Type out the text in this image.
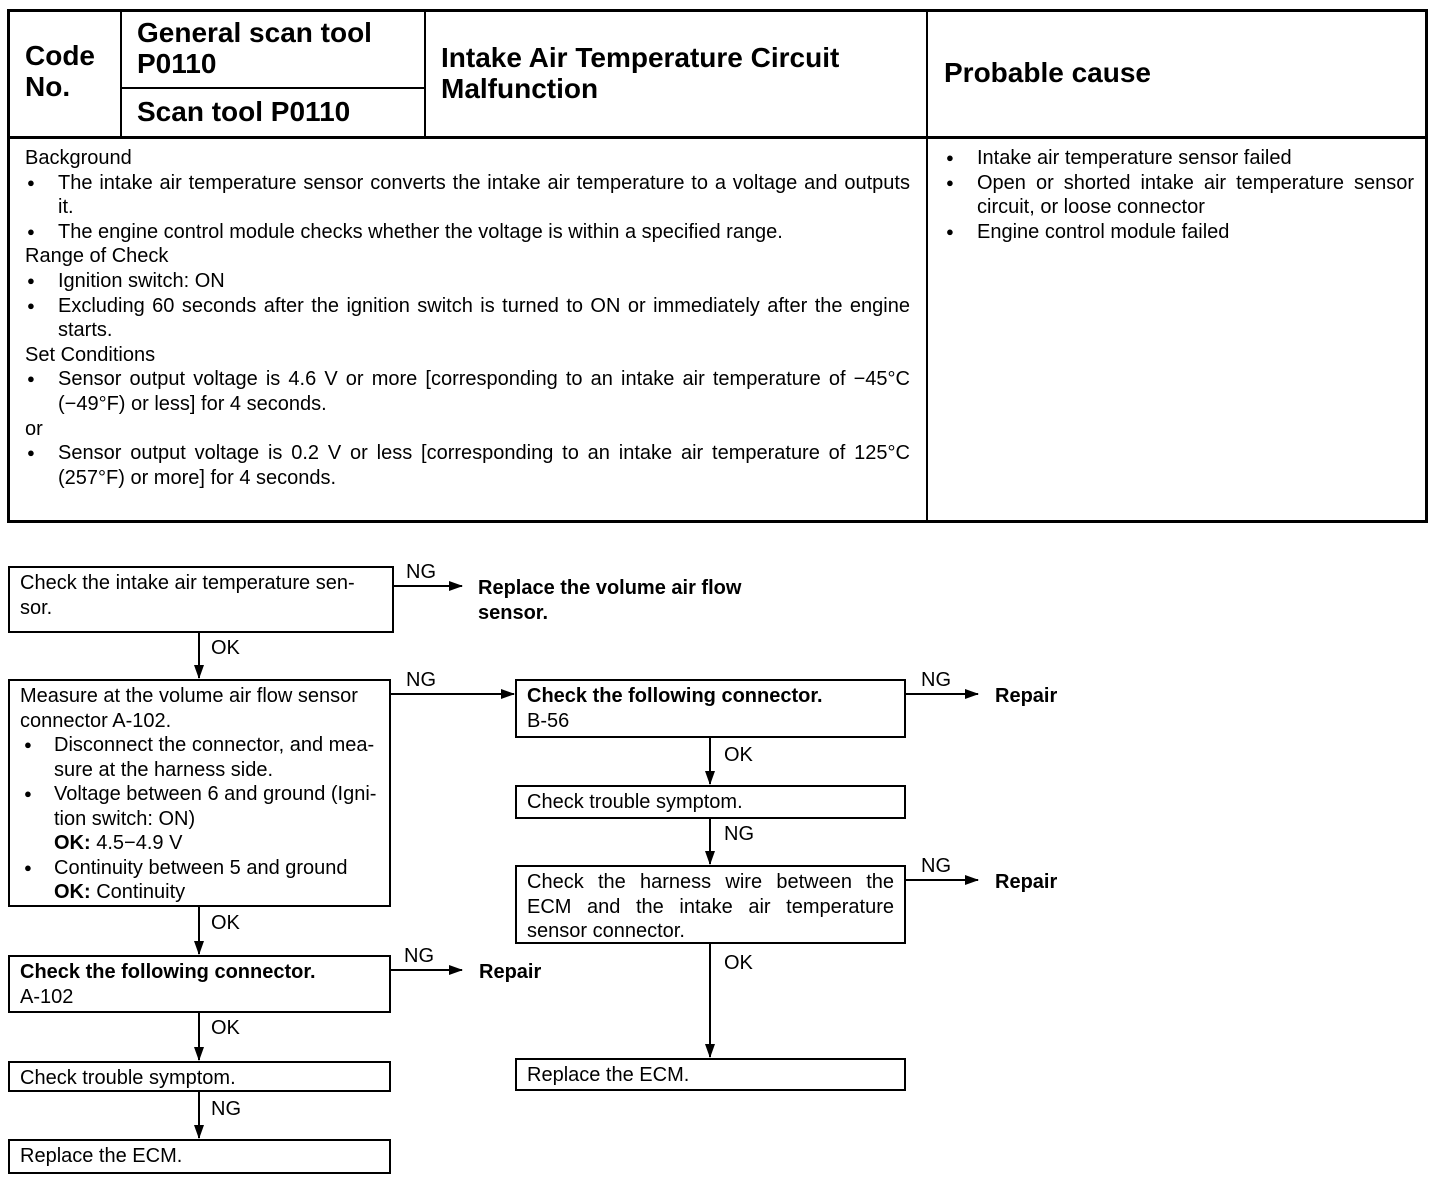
Code No.
General scan tool P0110
Scan tool P0110
Intake Air Temperature Circuit Malfunction
Probable cause

Background

● The intake air temperature sensor converts the intake air temperature to a voltage and outputs it.

● The engine control module checks whether the voltage is within a specified range.

Range of Check

● Ignition switch: ON

● Excluding 60 seconds after the ignition switch is turned to ON or immediately after the engine starts.

Set Conditions

● Sensor output voltage is 4.6 V or more [corresponding to an intake air temperature of −45°C (−49°F) or less] for 4 seconds.

or

● Sensor output voltage is 0.2 V or less [corresponding to an intake air temperature of 125°C (257°F) or more] for 4 seconds.

● Intake air temperature sensor failed

● Open or shorted intake air temperature sensor circuit, or loose connector

● Engine control module failed

Check the intake air temperature sen-sor.
Measure at the volume air flow sensor connector A-102.
● Disconnect the connector, and mea-sure at the harness side.
● Voltage between 6 and ground (Igni-tion switch: ON)
OK: 4.5−4.9 V
● Continuity between 5 and ground
OK: Continuity
Check the following connector.
A-102
Check trouble symptom.
Replace the ECM.
Check the following connector.
B-56
Check trouble symptom.
Check the harness wire between the ECM and the intake air temperature sensor connector.
Replace the ECM.
Replace the volume air flow sensor.
Repair
Repair
Repair
NG
OK
NG	NG
OK
NG
NG
OK
NG	OK
OK
NG
